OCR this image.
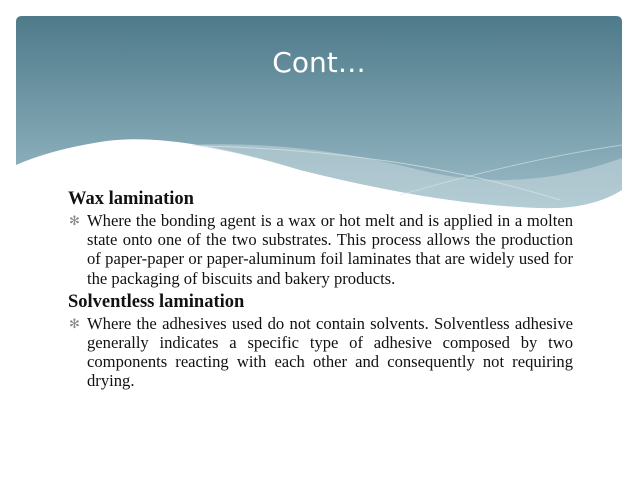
Cont…
Wax lamination
✻ Where the bonding agent is a wax or hot melt and is applied in a molten state onto one of the two substrates. This process allows the production of paper-paper or paper-aluminum foil laminates that are widely used for the packaging of biscuits and bakery products.
Solventless lamination
✻ Where the adhesives used do not contain solvents. Solventless adhesive generally indicates a specific type of adhesive composed by two components reacting with each other and consequently not requiring drying.
